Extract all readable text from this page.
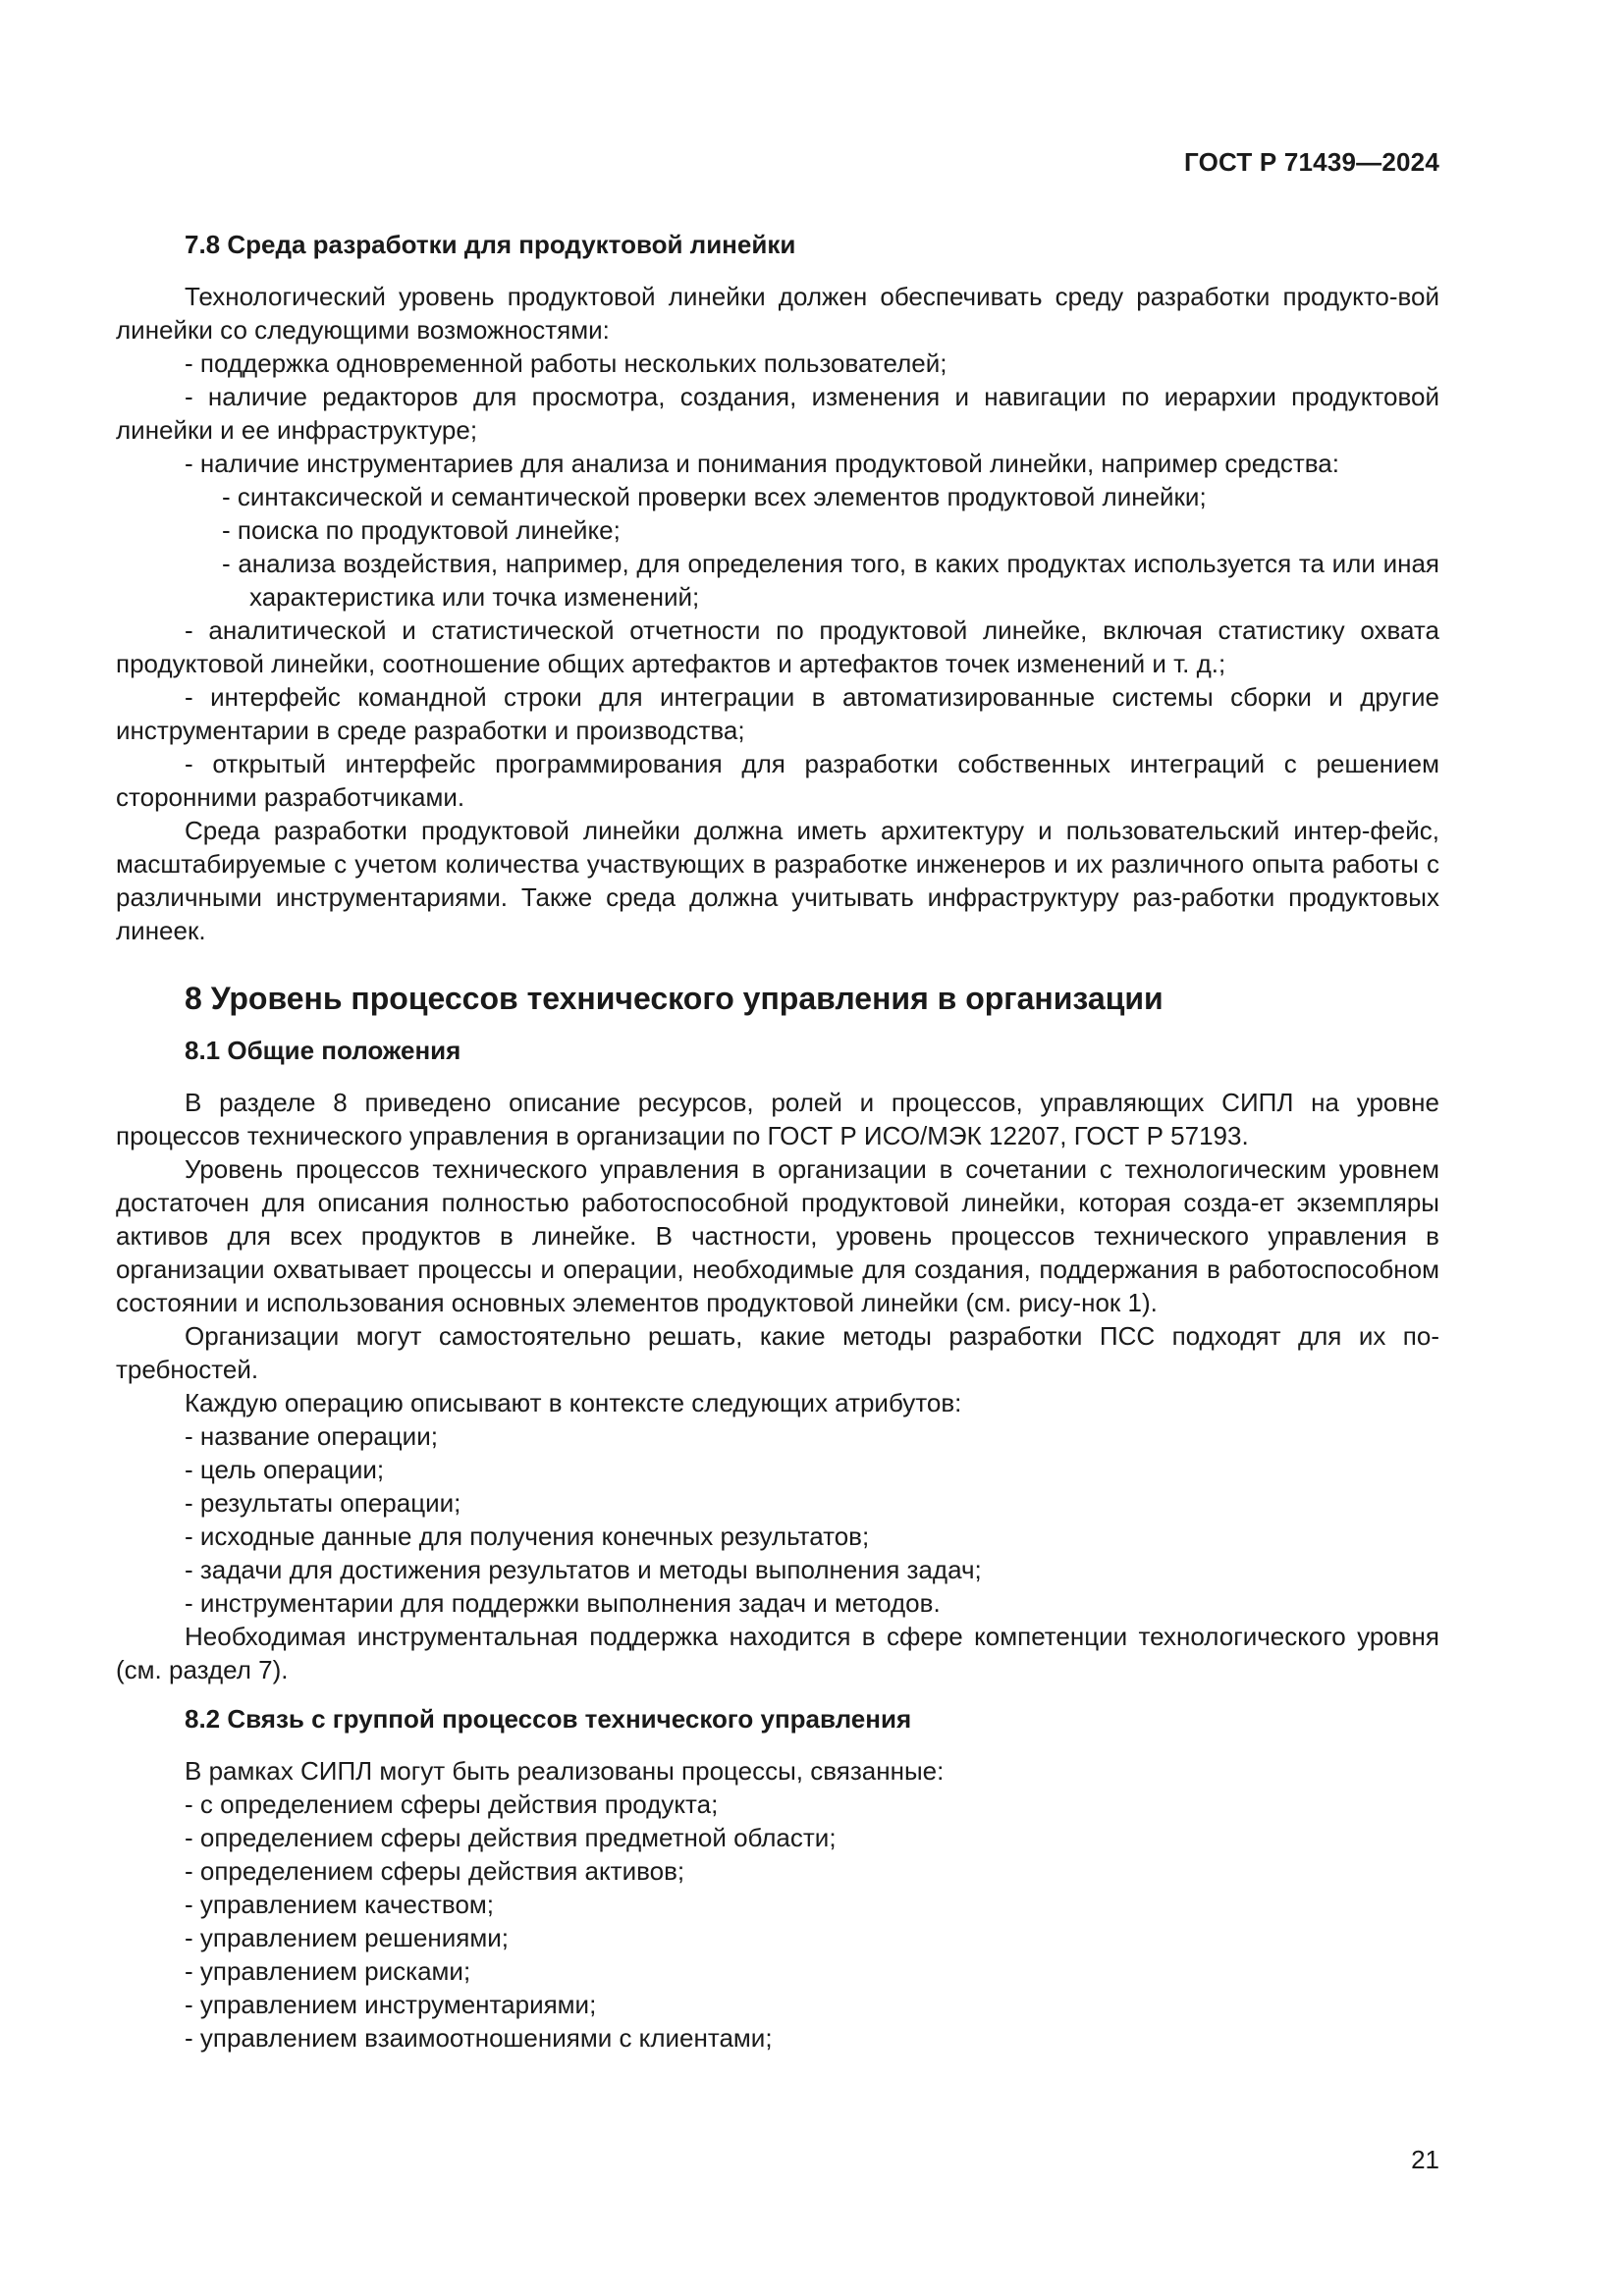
ГОСТ Р 71439—2024

7.8 Среда разработки для продуктовой линейки

Технологический уровень продуктовой линейки должен обеспечивать среду разработки продукто-вой линейки со следующими возможностями:

- поддержка одновременной работы нескольких пользователей;

- наличие редакторов для просмотра, создания, изменения и навигации по иерархии продуктовой линейки и ее инфраструктуре;

- наличие инструментариев для анализа и понимания продуктовой линейки, например средства:

- синтаксической и семантической проверки всех элементов продуктовой линейки;

- поиска по продуктовой линейке;

- анализа воздействия, например, для определения того, в каких продуктах используется та или иная характеристика или точка изменений;

- аналитической и статистической отчетности по продуктовой линейке, включая статистику охвата продуктовой линейки, соотношение общих артефактов и артефактов точек изменений и т. д.;

- интерфейс командной строки для интеграции в автоматизированные системы сборки и другие инструментарии в среде разработки и производства;

- открытый интерфейс программирования для разработки собственных интеграций с решением сторонними разработчиками.

Среда разработки продуктовой линейки должна иметь архитектуру и пользовательский интер-фейс, масштабируемые с учетом количества участвующих в разработке инженеров и их различного опыта работы с различными инструментариями. Также среда должна учитывать инфраструктуру раз-работки продуктовых линеек.

8 Уровень процессов технического управления в организации

8.1 Общие положения

В разделе 8 приведено описание ресурсов, ролей и процессов, управляющих СИПЛ на уровне процессов технического управления в организации по ГОСТ Р ИСО/МЭК 12207, ГОСТ Р 57193.

Уровень процессов технического управления в организации в сочетании с технологическим уровнем достаточен для описания полностью работоспособной продуктовой линейки, которая созда-ет экземпляры активов для всех продуктов в линейке. В частности, уровень процессов технического управления в организации охватывает процессы и операции, необходимые для создания, поддержания в работоспособном состоянии и использования основных элементов продуктовой линейки (см. рису-нок 1).

Организации могут самостоятельно решать, какие методы разработки ПСС подходят для их по-требностей.

Каждую операцию описывают в контексте следующих атрибутов:

- название операции;

- цель операции;

- результаты операции;

- исходные данные для получения конечных результатов;

- задачи для достижения результатов и методы выполнения задач;

- инструментарии для поддержки выполнения задач и методов.

Необходимая инструментальная поддержка находится в сфере компетенции технологического уровня (см. раздел 7).

8.2 Связь с группой процессов технического управления

В рамках СИПЛ могут быть реализованы процессы, связанные:

- с определением сферы действия продукта;

- определением сферы действия предметной области;

- определением сферы действия активов;

- управлением качеством;

- управлением решениями;

- управлением рисками;

- управлением инструментариями;

- управлением взаимоотношениями с клиентами;

21
